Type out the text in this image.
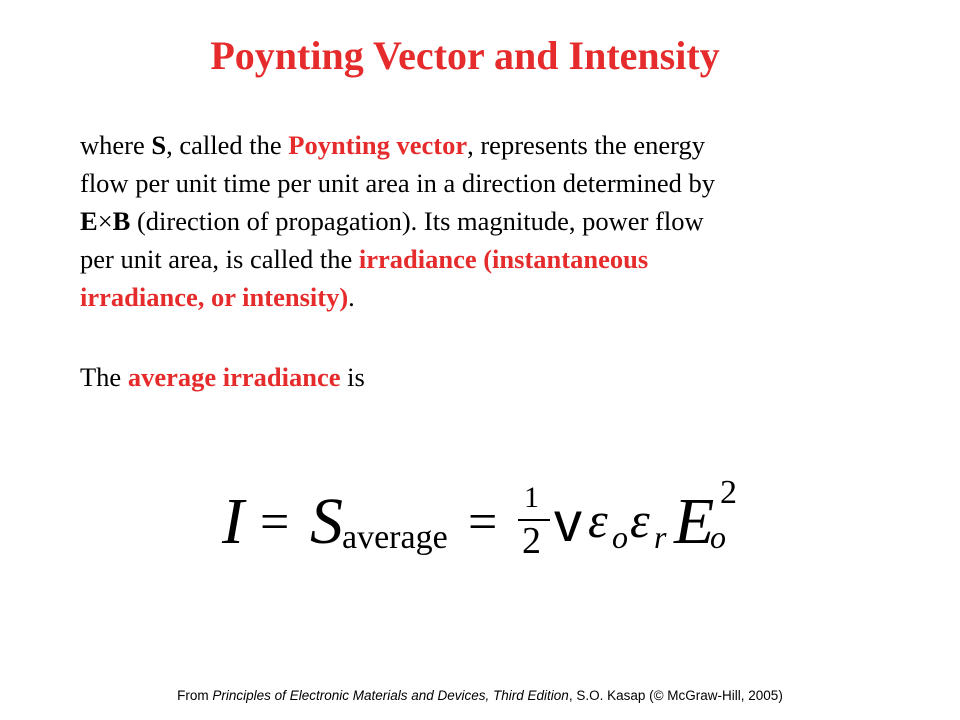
Poynting Vector and Intensity
where S, called the Poynting vector, represents the energy
flow per unit time per unit area in a direction determined by
E×B (direction of propagation). Its magnitude, power flow
per unit area, is called the irradiance (instantaneous
irradiance, or intensity).
The average irradiance is
I = S average = 1
2 v ε o ε r E
o
2
From Principles of Electronic Materials and Devices, Third Edition, S.O. Kasap (© McGraw-Hill, 2005)
